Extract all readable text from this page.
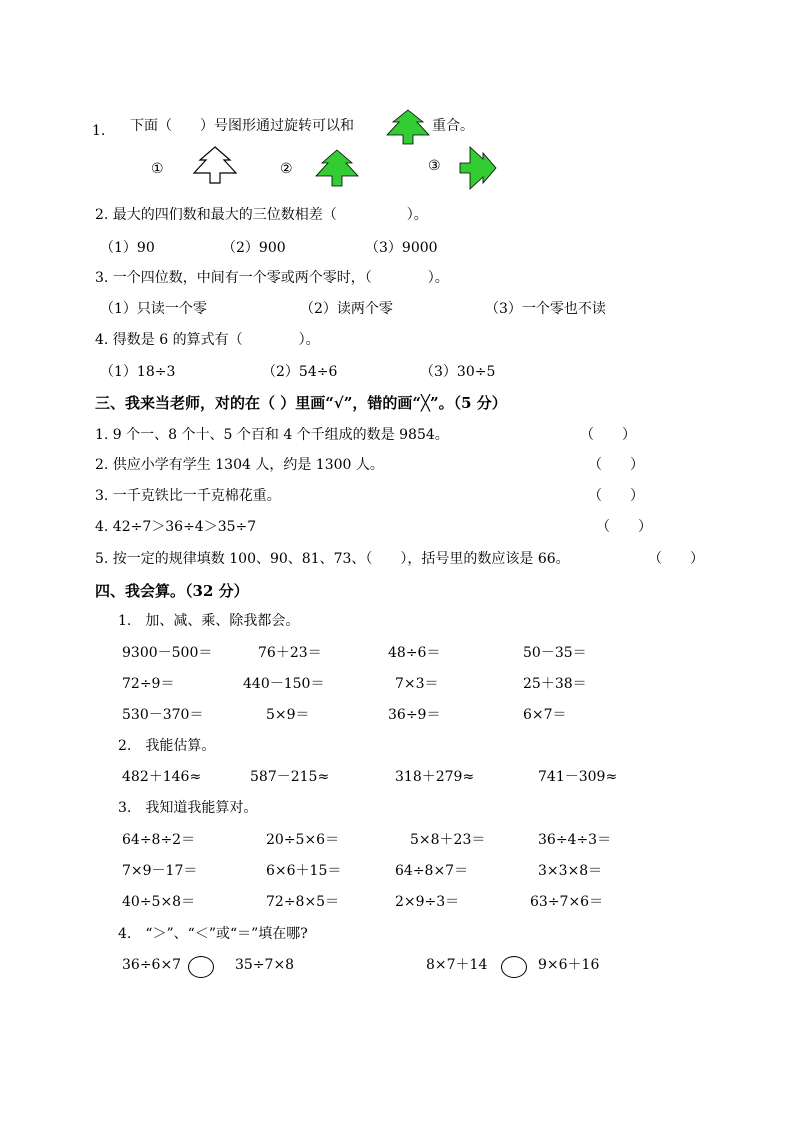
1. 下面（　　）号图形通过旋转可以和	重合。
①	②	③
2. 最大的四们数和最大的三位数相差（　　　　　）。
（1）90	（2）900	（3）9000
3. 一个四位数，中间有一个零或两个零时，（　　　　）。
（1）只读一个零	（2）读两个零	（3）一个零也不读
4. 得数是 6 的算式有（　　　　）。
（1）18÷3	（2）54÷6	（3）30÷5
三、我来当老师，对的在（ ）里画“√”，错的画“╳”。（5 分）
1. 9 个一、8 个十、5 个百和 4 个千组成的数是 9854。	（　　）
2. 供应小学有学生 1304 人，约是 1300 人。	（　　）
3. 一千克铁比一千克棉花重。	（　　）
4. 42÷7＞36÷4＞35÷7	（　　）
5. 按一定的规律填数 100、90、81、73、（　　），括号里的数应该是 66。	（　　）
四、我会算。（32 分）
1.　加、减、乘、除我都会。
9300－500＝	76＋23＝	48÷6＝	50－35＝
72÷9＝	440－150＝	7×3＝	25＋38＝
530－370＝	5×9＝	36÷9＝	6×7＝
2.　我能估算。
482＋146≈	587－215≈	318＋279≈	741－309≈
3.　我知道我能算对。
64÷8÷2＝	20÷5×6＝	5×8＋23＝	36÷4÷3＝
7×9－17＝	6×6＋15＝	64÷8×7＝	3×3×8＝
40÷5×8＝	72÷8×5＝	2×9÷3＝	63÷7×6＝
4.　“＞”、“＜”或“＝”填在哪?
36÷6×7	35÷7×8	8×7＋14	9×6＋16
